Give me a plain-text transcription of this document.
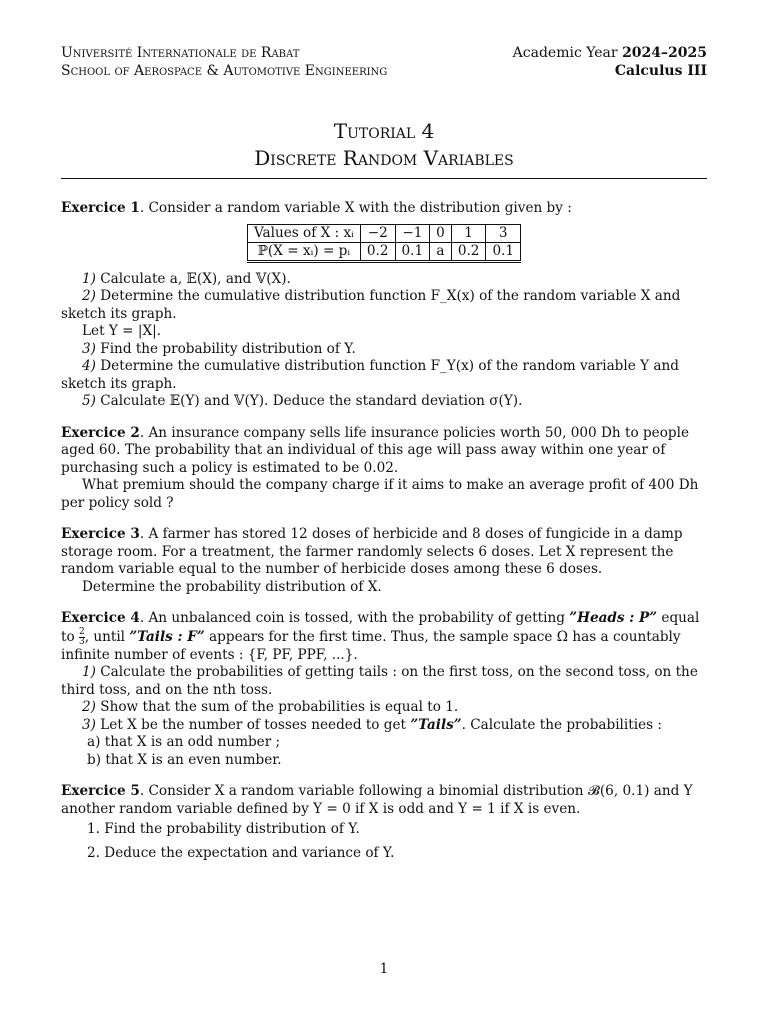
Université Internationale de Rabat
School of Aerospace & Automotive Engineering
Academic Year 2024–2025
Calculus III
Tutorial 4
Discrete Random Variables

Exercice 1. Consider a random variable X with the distribution given by :

Values of X : xᵢ	−2	−1	0	1	3
ℙ(X = xᵢ) = pᵢ	0.2	0.1	a	0.2	0.1

1) Calculate a, 𝔼(X), and 𝕍(X).

2) Determine the cumulative distribution function F_X(x) of the random variable X and sketch its graph.

Let Y = |X|.

3) Find the probability distribution of Y.

4) Determine the cumulative distribution function F_Y(x) of the random variable Y and sketch its graph.

5) Calculate 𝔼(Y) and 𝕍(Y). Deduce the standard deviation σ(Y).

Exercice 2. An insurance company sells life insurance policies worth 50, 000 Dh to people aged 60. The probability that an individual of this age will pass away within one year of purchasing such a policy is estimated to be 0.02.

What premium should the company charge if it aims to make an average profit of 400 Dh per policy sold ?

Exercice 3. A farmer has stored 12 doses of herbicide and 8 doses of fungicide in a damp storage room. For a treatment, the farmer randomly selects 6 doses. Let X represent the random variable equal to the number of herbicide doses among these 6 doses.

Determine the probability distribution of X.

Exercice 4. An unbalanced coin is tossed, with the probability of getting ”Heads : P” equal to $\frac{2}{3}$ , until ”Tails : F” appears for the first time. Thus, the sample space Ω has a countably infinite number of events : {F, PF, PPF, ...}.

1) Calculate the probabilities of getting tails : on the first toss, on the second toss, on the third toss, and on the nth toss.

2) Show that the sum of the probabilities is equal to 1.

3) Let X be the number of tosses needed to get ”Tails”. Calculate the probabilities :

a) that X is an odd number ;

b) that X is an even number.

Exercice 5. Consider X a random variable following a binomial distribution 𝓑(6, 0.1) and Y another random variable defined by Y = 0 if X is odd and Y = 1 if X is even.

1. Find the probability distribution of Y.
2. Deduce the expectation and variance of Y.
1
